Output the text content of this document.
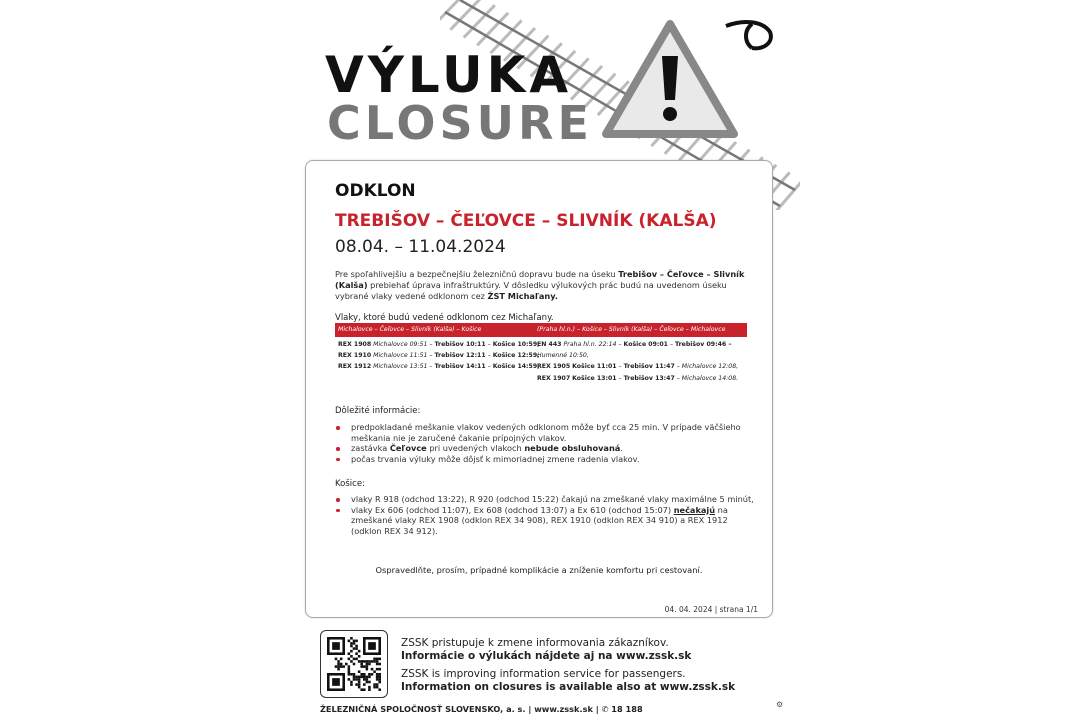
VÝLUKA
CLOSURE
ODKLON
TREBIŠOV – ČEĽOVCE – SLIVNÍK (KALŠA)
08.04. – 11.04.2024
Pre spoľahlivejšiu a bezpečnejšiu železničnú dopravu bude na úseku Trebišov – Čeľovce – Slivník (Kalša) prebiehať úprava infraštruktúry. V dôsledku výlukových prác budú na uvedenom úseku vybrané vlaky vedené odklonom cez ŽST Michaľany.
Vlaky, ktoré budú vedené odklonom cez Michaľany.
Michalovce – Čeľovce – Slivník (Kalša) – Košice	(Praha hl.n.) – Košice – Slivník (Kalša) – Čeľovce – Michalovce
REX 1908 Michalovce 09:51 – Trebišov 10:11 – Košice 10:59,
REX 1910 Michalovce 11:51 – Trebišov 12:11 – Košice 12:59,
REX 1912 Michalovce 13:51 – Trebišov 14:11 – Košice 14:59,
EN 443 Praha hl.n. 22:14 – Košice 09:01 – Trebišov 09:46 –
Humenné 10:50,
REX 1905 Košice 11:01 – Trebišov 11:47 – Michalovce 12:08,
REX 1907 Košice 13:01 – Trebišov 13:47 – Michalovce 14:08.
Dôležité informácie:
predpokladané meškanie vlakov vedených odklonom môže byť cca 25 min. V prípade väčšieho meškania nie je zaručené čakanie prípojných vlakov.
zastávka Čeľovce pri uvedených vlakoch nebude obsluhovaná.
počas trvania výluky môže dôjsť k mimoriadnej zmene radenia vlakov.
Košice:
vlaky R 918 (odchod 13:22), R 920 (odchod 15:22) čakajú na zmeškané vlaky maximálne 5 minút,
vlaky Ex 606 (odchod 11:07), Ex 608 (odchod 13:07) a Ex 610 (odchod 15:07) nečakajú na zmeškané vlaky REX 1908 (odklon REX 34 908), REX 1910 (odklon REX 34 910) a REX 1912 (odklon REX 34 912).
Ospravedlňte, prosím, prípadné komplikácie a zníženie komfortu pri cestovaní.
04. 04. 2024 | strana 1/1
ZSSK pristupuje k zmene informovania zákazníkov.
Informácie o výlukách nájdete aj na www.zssk.sk
ZSSK is improving information service for passengers.
Information on closures is available also at www.zssk.sk
ŽELEZNIČNÁ SPOLOČNOSŤ SLOVENSKO, a. s. | www.zssk.sk | ✆ 18 188	⚙
